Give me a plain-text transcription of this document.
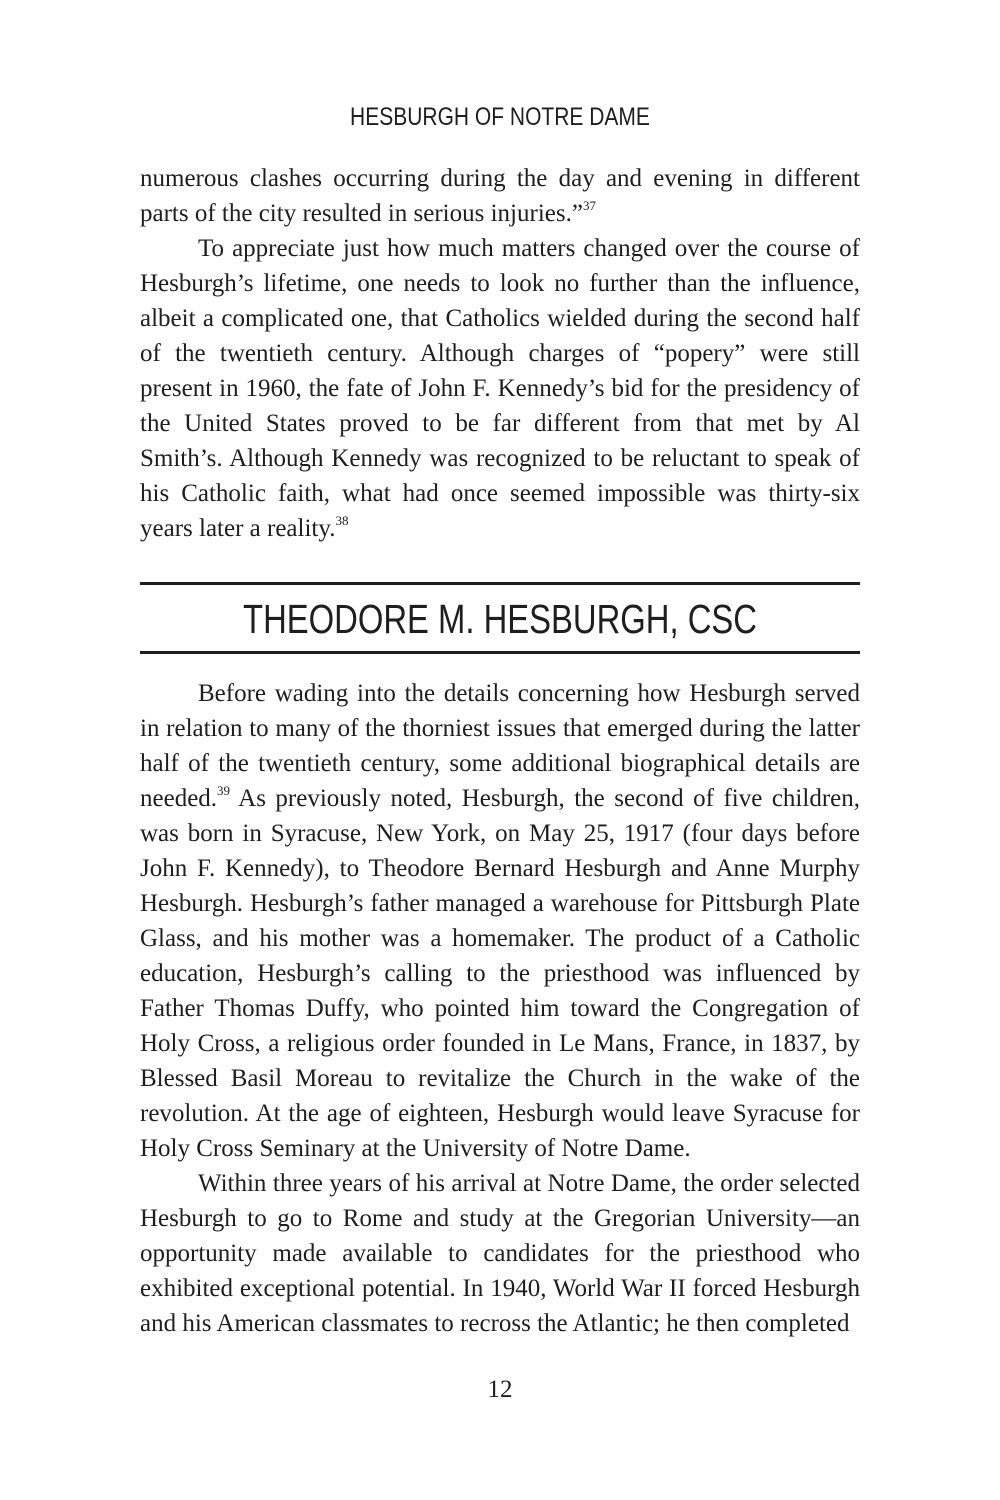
HESBURGH OF NOTRE DAME

numerous clashes occurring during the day and evening in different parts of the city resulted in serious injuries.”$^{37}$

To appreciate just how much matters changed over the course of Hesburgh’s lifetime, one needs to look no further than the influence, albeit a complicated one, that Catholics wielded during the second half of the twentieth century. Although charges of “popery” were still present in 1960, the fate of John F. Kennedy’s bid for the presidency of the United States proved to be far different from that met by Al Smith’s. Although Kennedy was recognized to be reluctant to speak of his Catholic faith, what had once seemed impossible was thirty-six years later a reality.$^{38}$

THEODORE M. HESBURGH, CSC

Before wading into the details concerning how Hesburgh served in relation to many of the thorniest issues that emerged during the latter half of the twentieth century, some additional biographical details are needed.$^{39}$ As previously noted, Hesburgh, the second of five children, was born in Syracuse, New York, on May 25, 1917 (four days before John F. Kennedy), to Theodore Bernard Hesburgh and Anne Murphy Hesburgh. Hesburgh’s father managed a warehouse for Pittsburgh Plate Glass, and his mother was a homemaker. The product of a Catholic education, Hesburgh’s calling to the priesthood was influenced by Father Thomas Duffy, who pointed him toward the Congregation of Holy Cross, a religious order founded in Le Mans, France, in 1837, by Blessed Basil Moreau to revitalize the Church in the wake of the revolution. At the age of eighteen, Hesburgh would leave Syracuse for Holy Cross Seminary at the University of Notre Dame.

Within three years of his arrival at Notre Dame, the order selected Hesburgh to go to Rome and study at the Gregorian University—an opportunity made available to candidates for the priesthood who exhibited exceptional potential. In 1940, World War II forced Hesburgh and his American classmates to recross the Atlantic; he then completed

12
